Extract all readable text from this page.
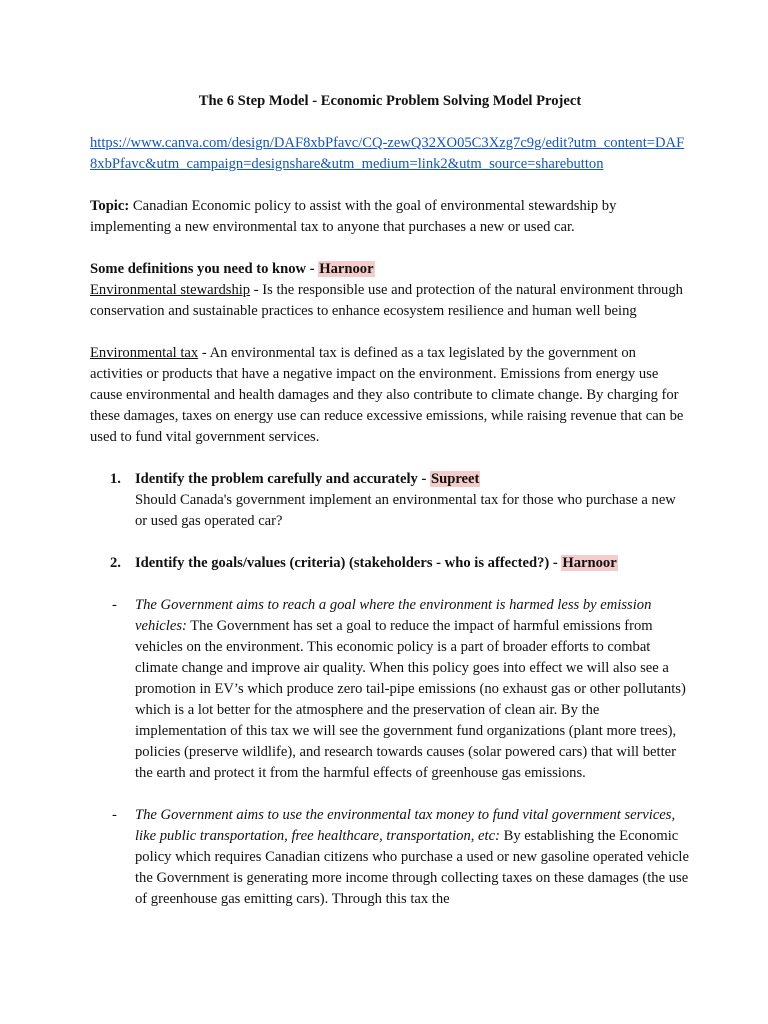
The 6 Step Model - Economic Problem Solving Model Project

https://www.canva.com/design/DAF8xbPfavc/CQ-zewQ32XO05C3Xzg7c9g/edit?utm_content=DAF8xbPfavc&utm_campaign=designshare&utm_medium=link2&utm_source=sharebutton

Topic: Canadian Economic policy to assist with the goal of environmental stewardship by implementing a new environmental tax to anyone that purchases a new or used car.

Some definitions you need to know - Harnoor

Environmental stewardship - Is the responsible use and protection of the natural environment through conservation and sustainable practices to enhance ecosystem resilience and human well being

Environmental tax - An environmental tax is defined as a tax legislated by the government on activities or products that have a negative impact on the environment. Emissions from energy use cause environmental and health damages and they also contribute to climate change. By charging for these damages, taxes on energy use can reduce excessive emissions, while raising revenue that can be used to fund vital government services.

1. Identify the problem carefully and accurately - Supreet

Should Canada's government implement an environmental tax for those who purchase a new or used gas operated car?

2. Identify the goals/values (criteria) (stakeholders - who is affected?) - Harnoor

- The Government aims to reach a goal where the environment is harmed less by emission vehicles: The Government has set a goal to reduce the impact of harmful emissions from vehicles on the environment. This economic policy is a part of broader efforts to combat climate change and improve air quality. When this policy goes into effect we will also see a promotion in EV’s which produce zero tail-pipe emissions (no exhaust gas or other pollutants) which is a lot better for the atmosphere and the preservation of clean air. By the implementation of this tax we will see the government fund organizations (plant more trees), policies (preserve wildlife), and research towards causes (solar powered cars) that will better the earth and protect it from the harmful effects of greenhouse gas emissions.

- The Government aims to use the environmental tax money to fund vital government services, like public transportation, free healthcare, transportation, etc: By establishing the Economic policy which requires Canadian citizens who purchase a used or new gasoline operated vehicle the Government is generating more income through collecting taxes on these damages (the use of greenhouse gas emitting cars). Through this tax the
